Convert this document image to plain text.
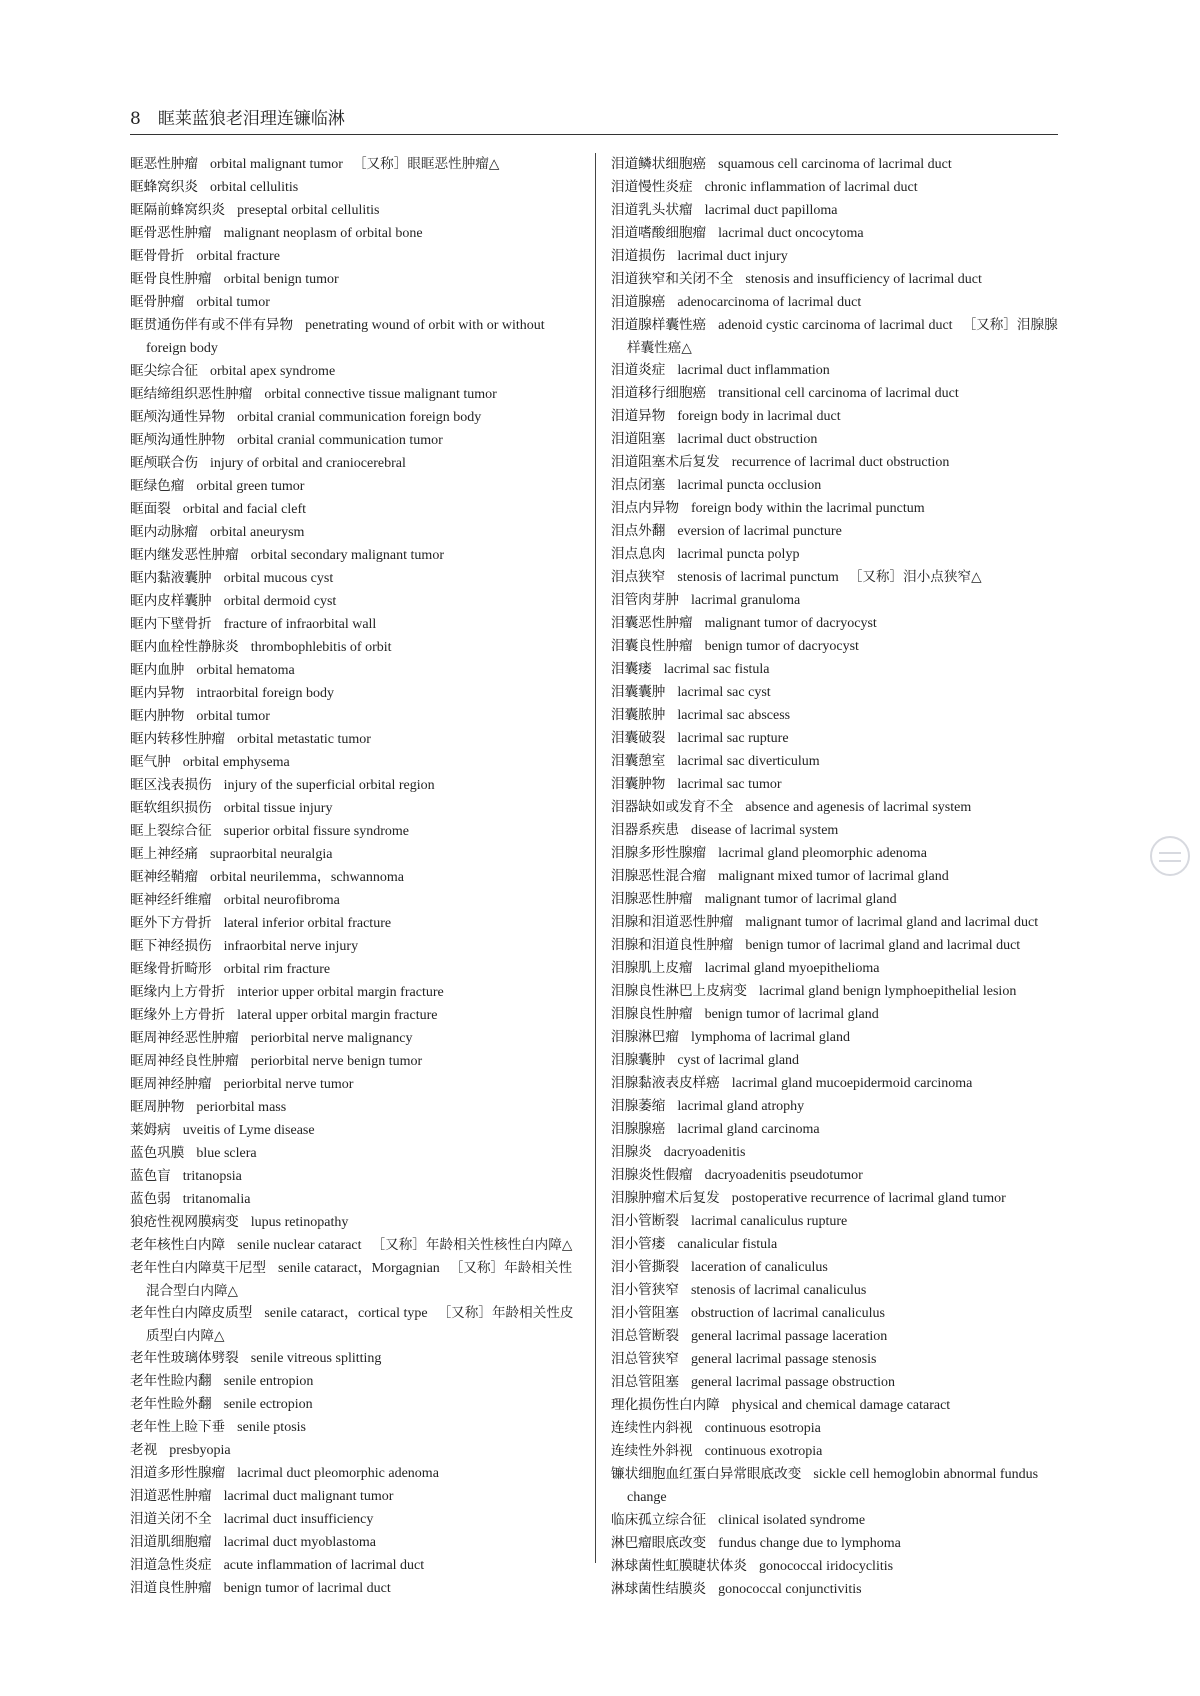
8 眶莱蓝狼老泪理连镰临淋
眶恶性肿瘤 orbital malignant tumor ［又称］眼眶恶性肿瘤△
眶蜂窝织炎 orbital cellulitis
眶隔前蜂窝织炎 preseptal orbital cellulitis
眶骨恶性肿瘤 malignant neoplasm of orbital bone
眶骨骨折 orbital fracture
眶骨良性肿瘤 orbital benign tumor
眶骨肿瘤 orbital tumor
眶贯通伤伴有或不伴有异物 penetrating wound of orbit with or without foreign body
眶尖综合征 orbital apex syndrome
眶结缔组织恶性肿瘤 orbital connective tissue malignant tumor
眶颅沟通性异物 orbital cranial communication foreign body
眶颅沟通性肿物 orbital cranial communication tumor
眶颅联合伤 injury of orbital and craniocerebral
眶绿色瘤 orbital green tumor
眶面裂 orbital and facial cleft
眶内动脉瘤 orbital aneurysm
眶内继发恶性肿瘤 orbital secondary malignant tumor
眶内黏液囊肿 orbital mucous cyst
眶内皮样囊肿 orbital dermoid cyst
眶内下壁骨折 fracture of infraorbital wall
眶内血栓性静脉炎 thrombophlebitis of orbit
眶内血肿 orbital hematoma
眶内异物 intraorbital foreign body
眶内肿物 orbital tumor
眶内转移性肿瘤 orbital metastatic tumor
眶气肿 orbital emphysema
眶区浅表损伤 injury of the superficial orbital region
眶软组织损伤 orbital tissue injury
眶上裂综合征 superior orbital fissure syndrome
眶上神经痛 supraorbital neuralgia
眶神经鞘瘤 orbital neurilemma，schwannoma
眶神经纤维瘤 orbital neurofibroma
眶外下方骨折 lateral inferior orbital fracture
眶下神经损伤 infraorbital nerve injury
眶缘骨折畸形 orbital rim fracture
眶缘内上方骨折 interior upper orbital margin fracture
眶缘外上方骨折 lateral upper orbital margin fracture
眶周神经恶性肿瘤 periorbital nerve malignancy
眶周神经良性肿瘤 periorbital nerve benign tumor
眶周神经肿瘤 periorbital nerve tumor
眶周肿物 periorbital mass
莱姆病 uveitis of Lyme disease
蓝色巩膜 blue sclera
蓝色盲 tritanopsia
蓝色弱 tritanomalia
狼疮性视网膜病变 lupus retinopathy
老年核性白内障 senile nuclear cataract ［又称］年龄相关性核性白内障△
老年性白内障莫干尼型 senile cataract，Morgagnian ［又称］年龄相关性混合型白内障△
老年性白内障皮质型 senile cataract，cortical type ［又称］年龄相关性皮质型白内障△
老年性玻璃体劈裂 senile vitreous splitting
老年性睑内翻 senile entropion
老年性睑外翻 senile ectropion
老年性上睑下垂 senile ptosis
老视 presbyopia
泪道多形性腺瘤 lacrimal duct pleomorphic adenoma
泪道恶性肿瘤 lacrimal duct malignant tumor
泪道关闭不全 lacrimal duct insufficiency
泪道肌细胞瘤 lacrimal duct myoblastoma
泪道急性炎症 acute inflammation of lacrimal duct
泪道良性肿瘤 benign tumor of lacrimal duct
泪道鳞状细胞癌 squamous cell carcinoma of lacrimal duct
泪道慢性炎症 chronic inflammation of lacrimal duct
泪道乳头状瘤 lacrimal duct papilloma
泪道嗜酸细胞瘤 lacrimal duct oncocytoma
泪道损伤 lacrimal duct injury
泪道狭窄和关闭不全 stenosis and insufficiency of lacrimal duct
泪道腺癌 adenocarcinoma of lacrimal duct
泪道腺样囊性癌 adenoid cystic carcinoma of lacrimal duct ［又称］泪腺腺样囊性癌△
泪道炎症 lacrimal duct inflammation
泪道移行细胞癌 transitional cell carcinoma of lacrimal duct
泪道异物 foreign body in lacrimal duct
泪道阻塞 lacrimal duct obstruction
泪道阻塞术后复发 recurrence of lacrimal duct obstruction
泪点闭塞 lacrimal puncta occlusion
泪点内异物 foreign body within the lacrimal punctum
泪点外翻 eversion of lacrimal puncture
泪点息肉 lacrimal puncta polyp
泪点狭窄 stenosis of lacrimal punctum ［又称］泪小点狭窄△
泪管肉芽肿 lacrimal granuloma
泪囊恶性肿瘤 malignant tumor of dacryocyst
泪囊良性肿瘤 benign tumor of dacryocyst
泪囊瘘 lacrimal sac fistula
泪囊囊肿 lacrimal sac cyst
泪囊脓肿 lacrimal sac abscess
泪囊破裂 lacrimal sac rupture
泪囊憩室 lacrimal sac diverticulum
泪囊肿物 lacrimal sac tumor
泪器缺如或发育不全 absence and agenesis of lacrimal system
泪器系疾患 disease of lacrimal system
泪腺多形性腺瘤 lacrimal gland pleomorphic adenoma
泪腺恶性混合瘤 malignant mixed tumor of lacrimal gland
泪腺恶性肿瘤 malignant tumor of lacrimal gland
泪腺和泪道恶性肿瘤 malignant tumor of lacrimal gland and lacrimal duct
泪腺和泪道良性肿瘤 benign tumor of lacrimal gland and lacrimal duct
泪腺肌上皮瘤 lacrimal gland myoepithelioma
泪腺良性淋巴上皮病变 lacrimal gland benign lymphoepithelial lesion
泪腺良性肿瘤 benign tumor of lacrimal gland
泪腺淋巴瘤 lymphoma of lacrimal gland
泪腺囊肿 cyst of lacrimal gland
泪腺黏液表皮样癌 lacrimal gland mucoepidermoid carcinoma
泪腺萎缩 lacrimal gland atrophy
泪腺腺癌 lacrimal gland carcinoma
泪腺炎 dacryoadenitis
泪腺炎性假瘤 dacryoadenitis pseudotumor
泪腺肿瘤术后复发 postoperative recurrence of lacrimal gland tumor
泪小管断裂 lacrimal canaliculus rupture
泪小管瘘 canalicular fistula
泪小管撕裂 laceration of canaliculus
泪小管狭窄 stenosis of lacrimal canaliculus
泪小管阻塞 obstruction of lacrimal canaliculus
泪总管断裂 general lacrimal passage laceration
泪总管狭窄 general lacrimal passage stenosis
泪总管阻塞 general lacrimal passage obstruction
理化损伤性白内障 physical and chemical damage cataract
连续性内斜视 continuous esotropia
连续性外斜视 continuous exotropia
镰状细胞血红蛋白异常眼底改变 sickle cell hemoglobin abnormal fundus change
临床孤立综合征 clinical isolated syndrome
淋巴瘤眼底改变 fundus change due to lymphoma
淋球菌性虹膜睫状体炎 gonococcal iridocyclitis
淋球菌性结膜炎 gonococcal conjunctivitis
